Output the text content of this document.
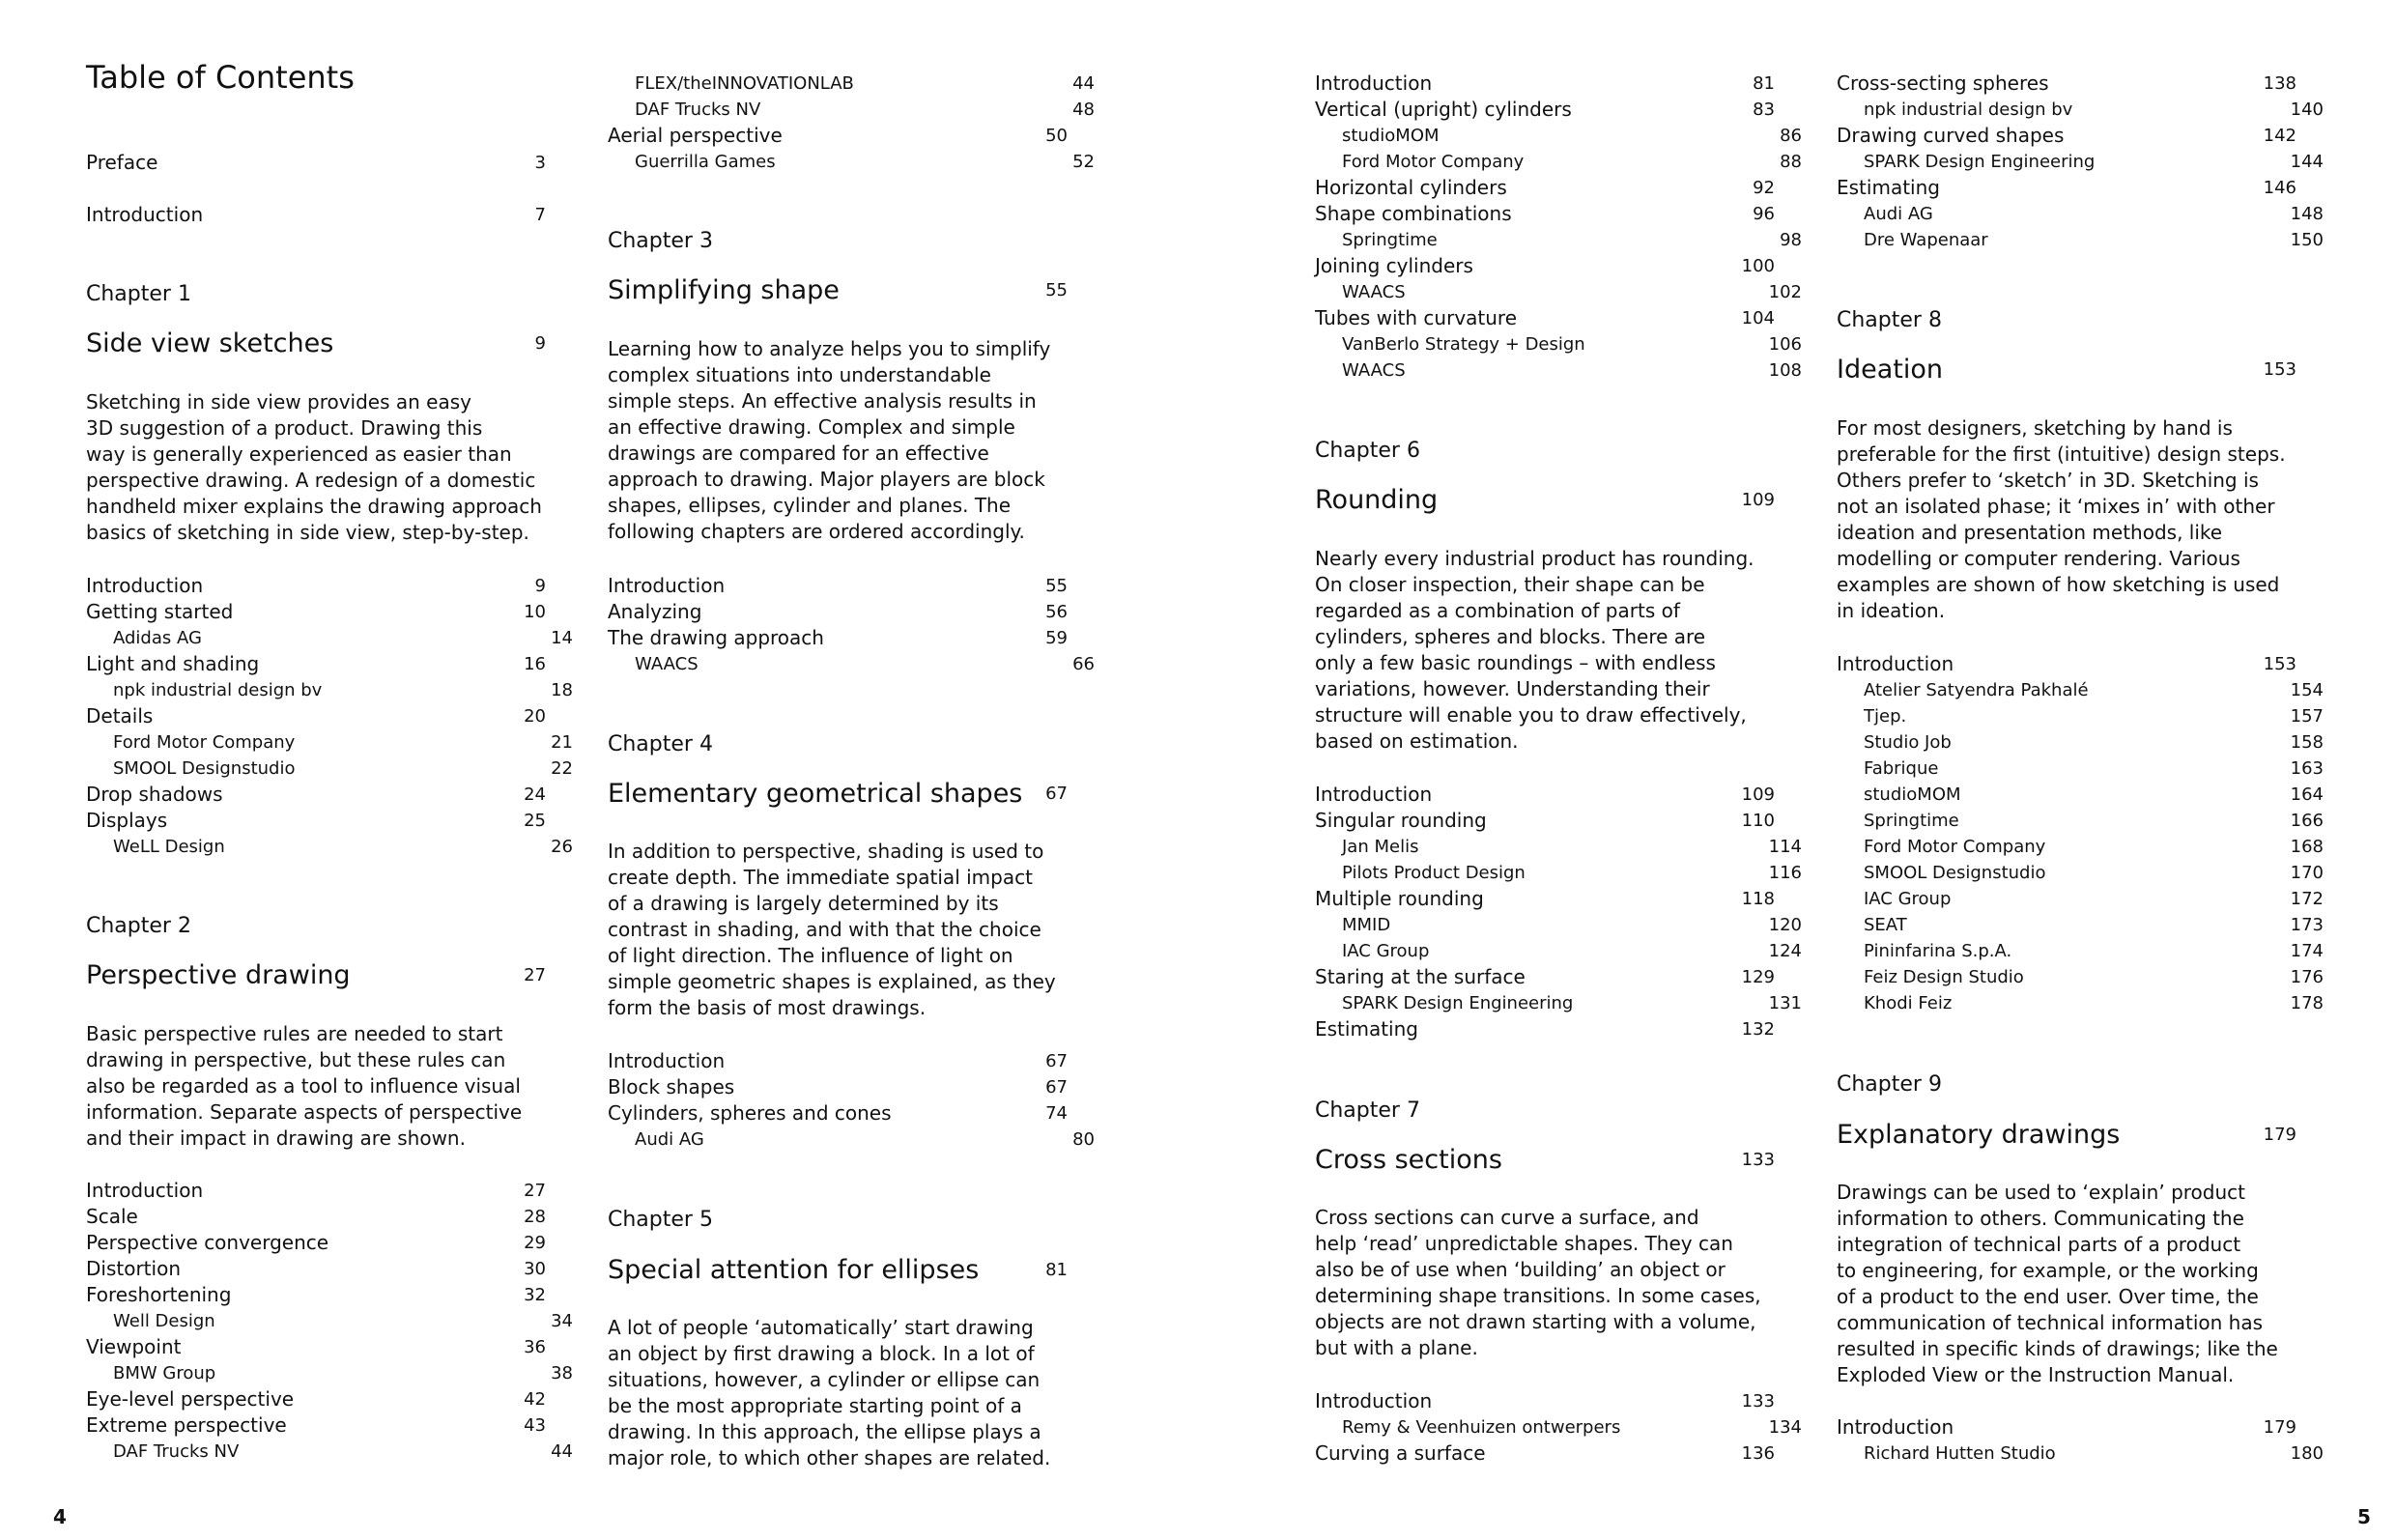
Table of Contents
Preface	3
Introduction	7
Chapter 1
Side view sketches	9
Sketching in side view provides an easy
3D suggestion of a product. Drawing this
way is generally experienced as easier than
perspective drawing. A redesign of a domestic
handheld mixer explains the drawing approach
basics of sketching in side view, step-by-step.
Introduction	9
Getting started	10
Adidas AG	14
Light and shading	16
npk industrial design bv	18
Details	20
Ford Motor Company	21
SMOOL Designstudio	22
Drop shadows	24
Displays	25
WeLL Design	26
Chapter 2
Perspective drawing	27
Basic perspective rules are needed to start
drawing in perspective, but these rules can
also be regarded as a tool to influence visual
information. Separate aspects of perspective
and their impact in drawing are shown.
Introduction	27
Scale	28
Perspective convergence	29
Distortion	30
Foreshortening	32
Well Design	34
Viewpoint	36
BMW Group	38
Eye-level perspective	42
Extreme perspective	43
DAF Trucks NV	44
FLEX/theINNOVATIONLAB	44
DAF Trucks NV	48
Aerial perspective	50
Guerrilla Games	52
Chapter 3
Simplifying shape	55
Learning how to analyze helps you to simplify
complex situations into understandable
simple steps. An effective analysis results in
an effective drawing. Complex and simple
drawings are compared for an effective
approach to drawing. Major players are block
shapes, ellipses, cylinder and planes. The
following chapters are ordered accordingly.
Introduction	55
Analyzing	56
The drawing approach	59
WAACS	66
Chapter 4
Elementary geometrical shapes 67
In addition to perspective, shading is used to
create depth. The immediate spatial impact
of a drawing is largely determined by its
contrast in shading, and with that the choice
of light direction. The influence of light on
simple geometric shapes is explained, as they
form the basis of most drawings.
Introduction	67
Block shapes	67
Cylinders, spheres and cones	74
Audi AG	80
Chapter 5
Special attention for ellipses	81
A lot of people ‘automatically’ start drawing
an object by first drawing a block. In a lot of
situations, however, a cylinder or ellipse can
be the most appropriate starting point of a
drawing. In this approach, the ellipse plays a
major role, to which other shapes are related.
Introduction	81
Vertical (upright) cylinders	83
studioMOM	86
Ford Motor Company	88
Horizontal cylinders	92
Shape combinations	96
Springtime	98
Joining cylinders	100
WAACS	102
Tubes with curvature	104
VanBerlo Strategy + Design	106
WAACS	108
Chapter 6
Rounding	109
Nearly every industrial product has rounding.
On closer inspection, their shape can be
regarded as a combination of parts of
cylinders, spheres and blocks. There are
only a few basic roundings – with endless
variations, however. Understanding their
structure will enable you to draw effectively,
based on estimation.
Introduction	109
Singular rounding	110
Jan Melis	114
Pilots Product Design	116
Multiple rounding	118
MMID	120
IAC Group	124
Staring at the surface	129
SPARK Design Engineering	131
Estimating	132
Chapter 7
Cross sections	133
Cross sections can curve a surface, and
help ‘read’ unpredictable shapes. They can
also be of use when ‘building’ an object or
determining shape transitions. In some cases,
objects are not drawn starting with a volume,
but with a plane.
Introduction	133
Remy & Veenhuizen ontwerpers	134
Curving a surface	136
Cross-secting spheres	138
npk industrial design bv	140
Drawing curved shapes	142
SPARK Design Engineering	144
Estimating	146
Audi AG	148
Dre Wapenaar	150
Chapter 8
Ideation	153
For most designers, sketching by hand is
preferable for the first (intuitive) design steps.
Others prefer to ‘sketch’ in 3D. Sketching is
not an isolated phase; it ‘mixes in’ with other
ideation and presentation methods, like
modelling or computer rendering. Various
examples are shown of how sketching is used
in ideation.
Introduction	153
Atelier Satyendra Pakhalé	154
Tjep.	157
Studio Job	158
Fabrique	163
studioMOM	164
Springtime	166
Ford Motor Company	168
SMOOL Designstudio	170
IAC Group	172
SEAT	173
Pininfarina S.p.A.	174
Feiz Design Studio	176
Khodi Feiz	178
Chapter 9
Explanatory drawings	179
Drawings can be used to ‘explain’ product
information to others. Communicating the
integration of technical parts of a product
to engineering, for example, or the working
of a product to the end user. Over time, the
communication of technical information has
resulted in specific kinds of drawings; like the
Exploded View or the Instruction Manual.
Introduction	179
Richard Hutten Studio	180
4	5
